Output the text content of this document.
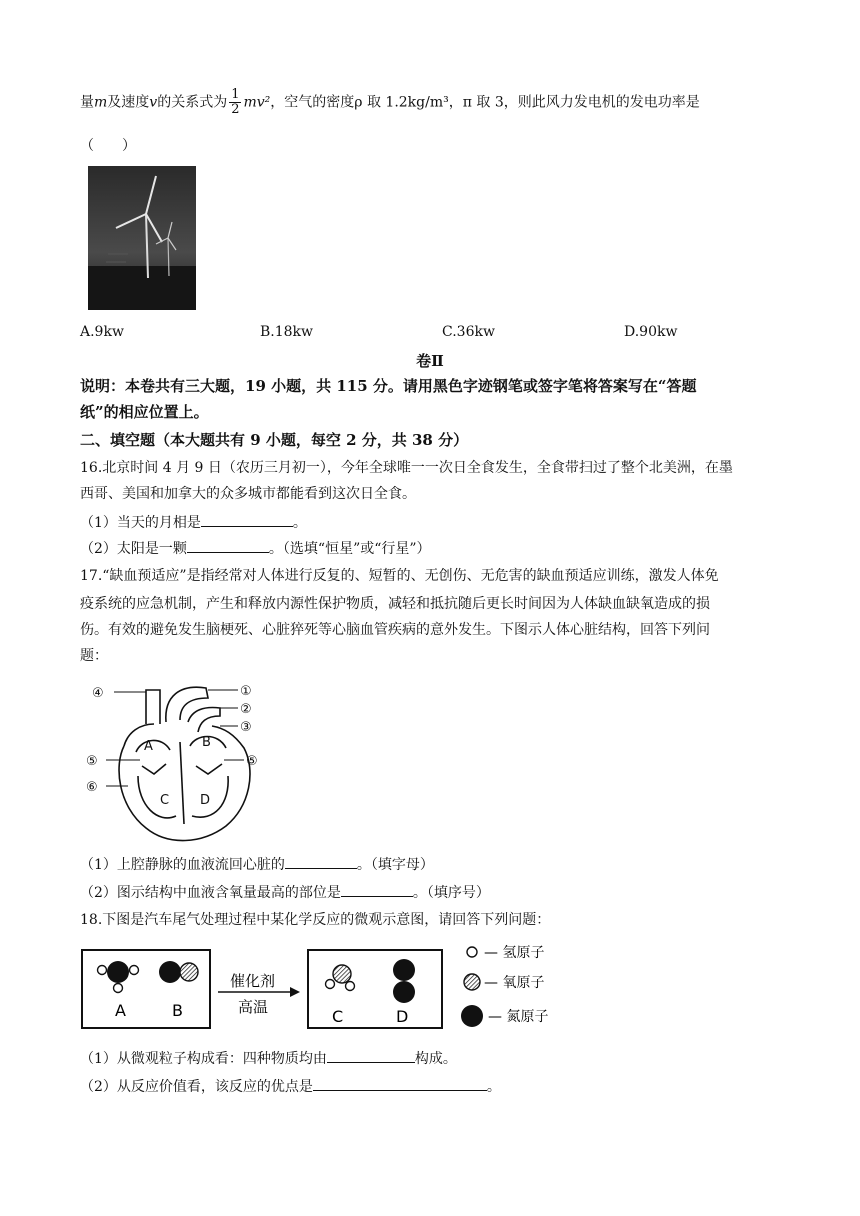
量m及速度v的关系式为 $\frac{1}{2} mv^2$，空气的密度ρ 取 1.2kg/m³，π 取 3，则此风力发电机的发电功率是
（　　）
A.9kw	B.18kw	C.36kw	D.90kw
卷Ⅱ
说明：本卷共有三大题，19 小题，共 115 分。请用黑色字迹钢笔或签字笔将答案写在“答题
纸”的相应位置上。
二、填空题（本大题共有 9 小题，每空 2 分，共 38 分）
16.北京时间 4 月 9 日（农历三月初一），今年全球唯一一次日全食发生，全食带扫过了整个北美洲，在墨
西哥、美国和加拿大的众多城市都能看到这次日全食。
（1）当天的月相是	。
（2）太阳是一颗	。（选填“恒星”或“行星”）
17.“缺血预适应”是指经常对人体进行反复的、短暂的、无创伤、无危害的缺血预适应训练，激发人体免
疫系统的应急机制，产生和释放内源性保护物质，减轻和抵抗随后更长时间因为人体缺血缺氧造成的损
伤。有效的避免发生脑梗死、心脏猝死等心脑血管疾病的意外发生。下图示人体心脏结构，回答下列问
题：
④	①
②
③
⑤	⑤
⑥
A	B
C D
（1）上腔静脉的血液流回心脏的	。（填字母）
（2）图示结构中血液含氧量最高的部位是	。（填序号）
18.下图是汽车尾气处理过程中某化学反应的微观示意图，请回答下列问题：
A	B
催化剂
高温	C	D
— 氢原子
— 氧原子
— 氮原子
（1）从微观粒子构成看：四种物质均由	构成。
（2）从反应价值看，该反应的优点是	。
